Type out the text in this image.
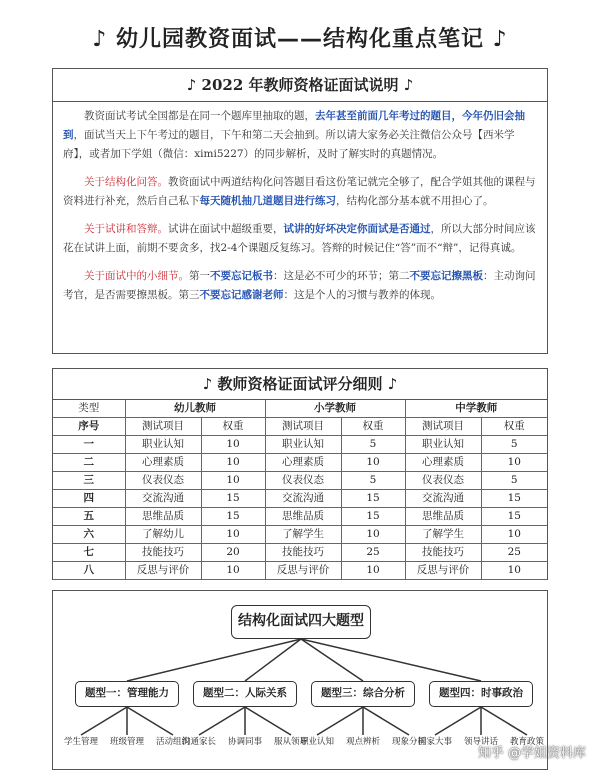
♪ 幼儿园教资面试——结构化重点笔记 ♪
♪ 2022 年教师资格证面试说明 ♪

教资面试考试全国都是在同一个题库里抽取的题，去年甚至前面几年考过的题目，今年仍旧会抽到，面试当天上下午考过的题目，下午和第二天会抽到。所以请大家务必关注微信公众号【西米学府】，或者加下学姐（微信：ximi5227）的同步解析，及时了解实时的真题情况。

关于结构化问答。教资面试中两道结构化问答题目看这份笔记就完全够了，配合学姐其他的课程与资料进行补充，然后自己私下每天随机抽几道题目进行练习，结构化部分基本就不用担心了。

关于试讲和答辩。试讲在面试中超级重要，试讲的好坏决定你面试是否通过，所以大部分时间应该花在试讲上面，前期不要贪多，找2-4个课题反复练习。答辩的时候记住“答”而不“辩”，记得真诚。

关于面试中的小细节。第一不要忘记板书：这是必不可少的环节；第二不要忘记擦黑板：主动询问考官，是否需要擦黑板。第三不要忘记感谢老师：这是个人的习惯与教养的体现。

♪ 教师资格证面试评分细则 ♪
类型	幼儿教师		小学教师		中学教师	
序号	测试项目	权重	测试项目	权重	测试项目	权重
一	职业认知	10	职业认知	5	职业认知	5
二	心理素质	10	心理素质	10	心理素质	10
三	仪表仪态	10	仪表仪态	5	仪表仪态	5
四	交流沟通	15	交流沟通	15	交流沟通	15
五	思维品质	15	思维品质	15	思维品质	15
六	了解幼儿	10	了解学生	10	了解学生	10
七	技能技巧	20	技能技巧	25	技能技巧	25
八	反思与评价	10	反思与评价	10	反思与评价	10
结构化面试四大题型
题型一：管理能力
学生管理	班级管理	活动组织
题型二：人际关系
沟通家长	协调同事	服从领导
题型三：综合分析
职业认知	观点辨析	现象分析
题型四：时事政治
国家大事	领导讲话	教育政策
知乎 @学姐资料库
